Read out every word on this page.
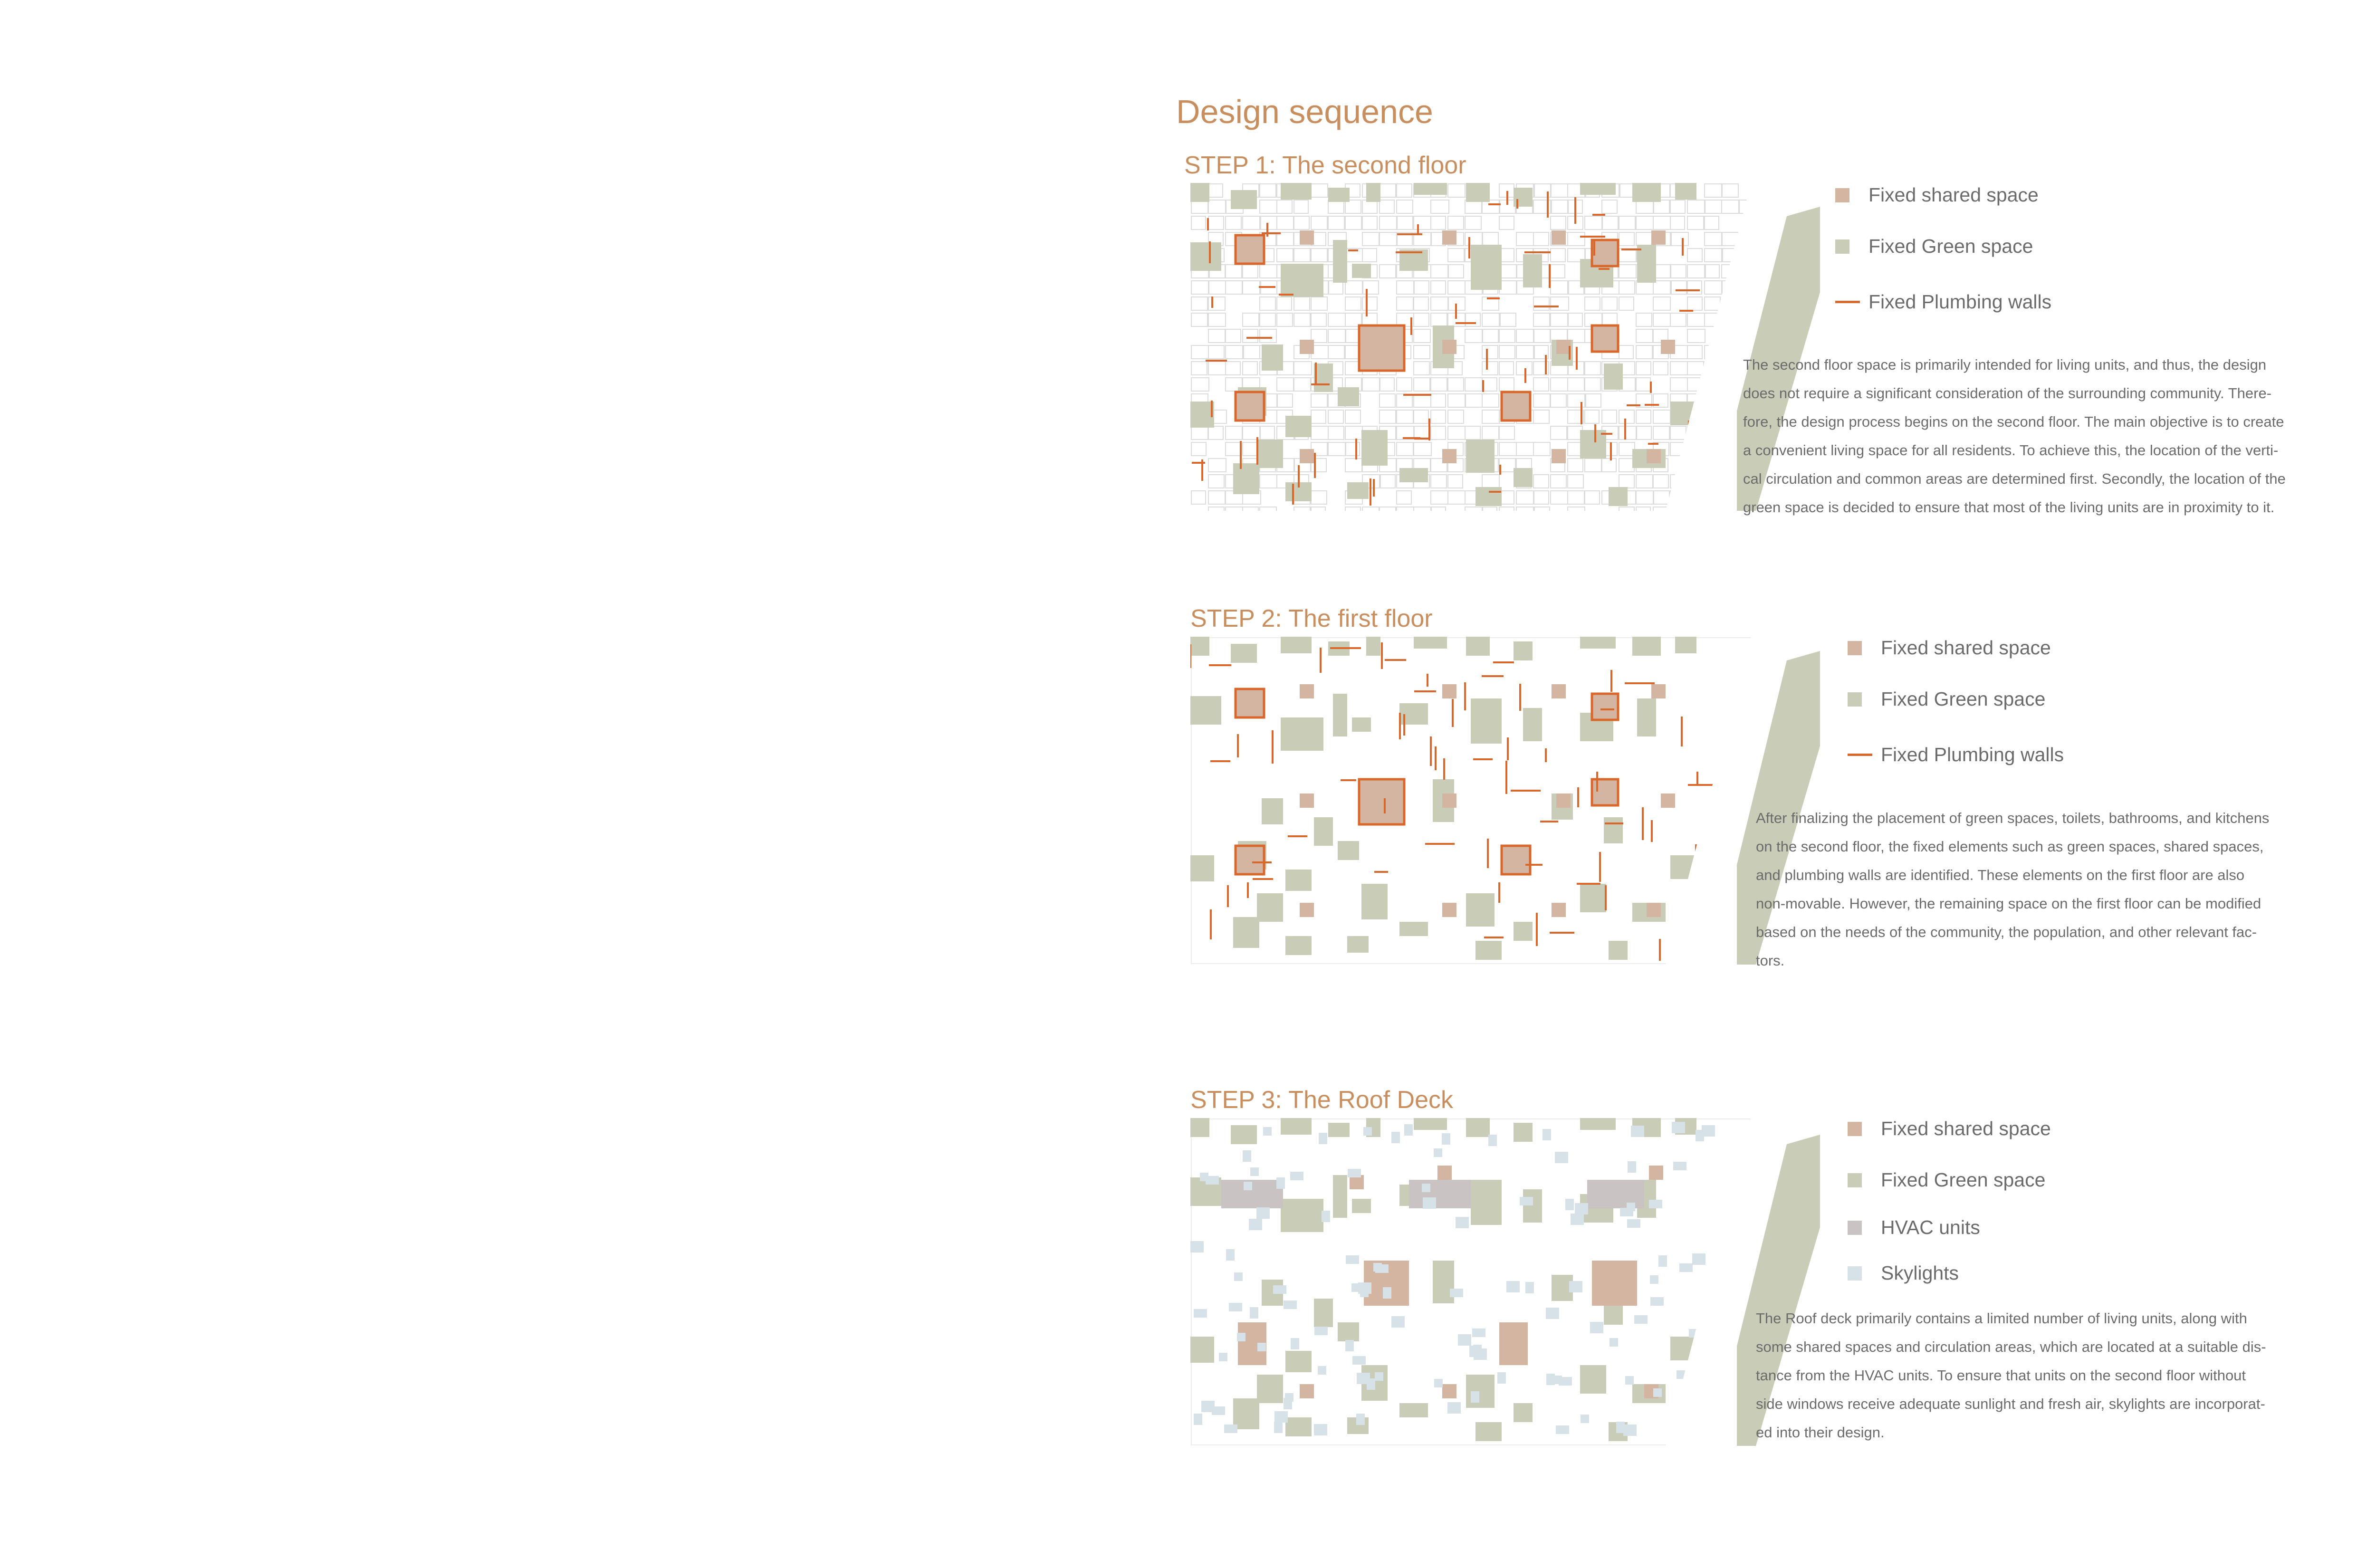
Design sequence
STEP 1: The second floor
Fixed shared space
Fixed Green space
Fixed Plumbing walls
The second floor space is primarily intended for living units, and thus, the design
does not require a significant consideration of the surrounding community. There-
fore, the design process begins on the second floor. The main objective is to create
a convenient living space for all residents. To achieve this, the location of the verti-
cal circulation and common areas are determined first. Secondly, the location of the
green space is decided to ensure that most of the living units are in proximity to it.
STEP 2: The first floor
Fixed shared space
Fixed Green space
Fixed Plumbing walls
After finalizing the placement of green spaces, toilets, bathrooms, and kitchens
on the second floor, the fixed elements such as green spaces, shared spaces,
and plumbing walls are identified. These elements on the first floor are also
non-movable. However, the remaining space on the first floor can be modified
based on the needs of the community, the population, and other relevant fac-
tors.
STEP 3: The Roof Deck
Fixed shared space
Fixed Green space
HVAC units
Skylights
The Roof deck primarily contains a limited number of living units, along with
some shared spaces and circulation areas, which are located at a suitable dis-
tance from the HVAC units. To ensure that units on the second floor without
side windows receive adequate sunlight and fresh air, skylights are incorporat-
ed into their design.
